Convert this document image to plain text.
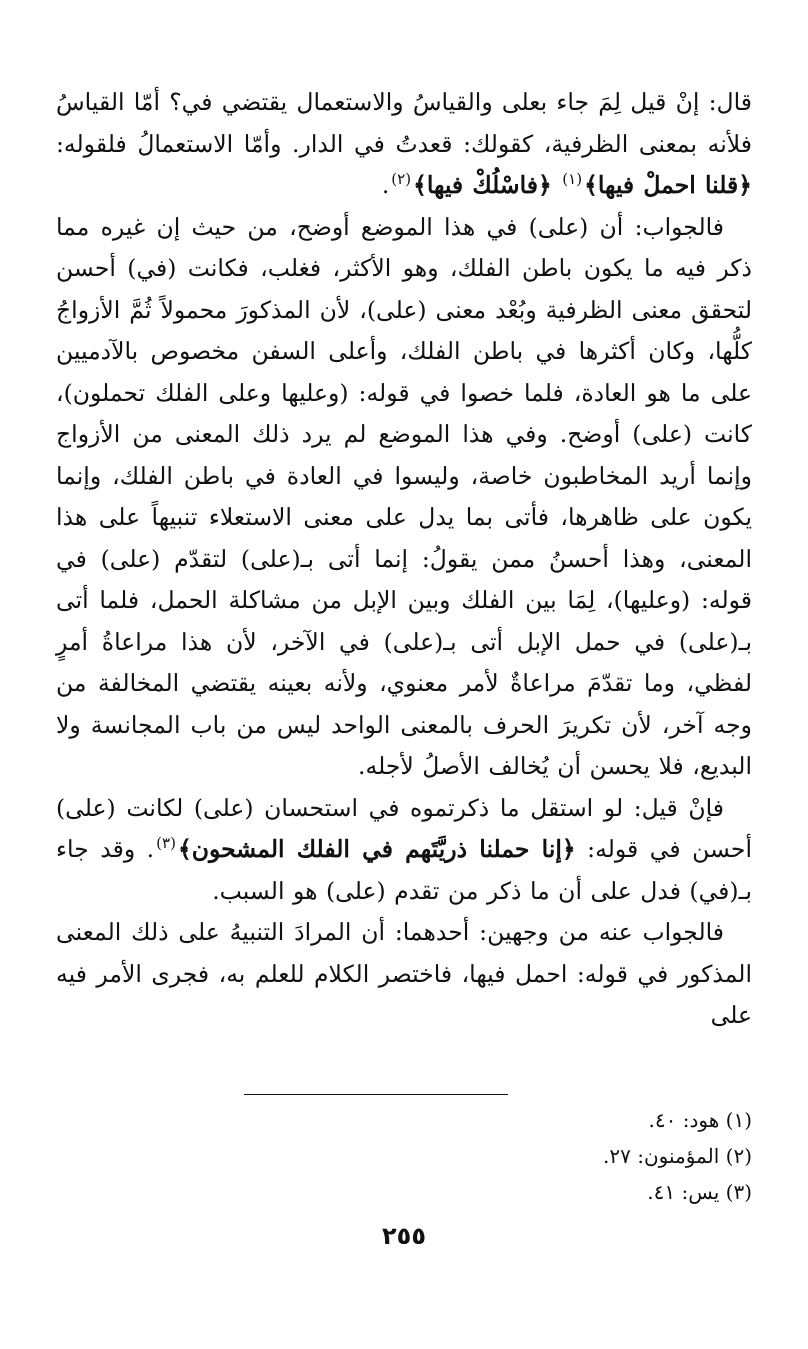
قال: إنْ قيل لِمَ جاء بعلى والقياسُ والاستعمال يقتضي في؟ أمّا القياسُ فلأنه بمعنى الظرفية، كقولك: قعدتُ في الدار. وأمّا الاستعمالُ فلقوله: ﴿قلنا احملْ فيها﴾$^{(١)}$ ﴿فاسْلُكْ فيها﴾$^{(٢)}$.

فالجواب: أن (على) في هذا الموضع أوضح، من حيث إن غيره مما ذكر فيه ما يكون باطن الفلك، وهو الأكثر، فغلب، فكانت (في) أحسن لتحقق معنى الظرفية وبُعْد معنى (على)، لأن المذكورَ محمولاً ثُمَّ الأزواجُ كلُّها، وكان أكثرها في باطن الفلك، وأعلى السفن مخصوص بالآدميين على ما هو العادة، فلما خصوا في قوله: (وعليها وعلى الفلك تحملون)، كانت (على) أوضح. وفي هذا الموضع لم يرد ذلك المعنى من الأزواج وإنما أريد المخاطبون خاصة، وليسوا في العادة في باطن الفلك، وإنما يكون على ظاهرها، فأتى بما يدل على معنى الاستعلاء تنبيهاً على هذا المعنى، وهذا أحسنُ ممن يقولُ: إنما أتى بـ(على) لتقدّم (على) في قوله: (وعليها)، لِمَا بين الفلك وبين الإبل من مشاكلة الحمل، فلما أتى بـ(على) في حمل الإبل أتى بـ(على) في الآخر، لأن هذا مراعاةُ أمرٍ لفظي، وما تقدّمَ مراعاةٌ لأمر معنوي، ولأنه بعينه يقتضي المخالفة من وجه آخر، لأن تكريرَ الحرف بالمعنى الواحد ليس من باب المجانسة ولا البديع، فلا يحسن أن يُخالف الأصلُ لأجله.

فإنْ قيل: لو استقل ما ذكرتموه في استحسان (على) لكانت (على) أحسن في قوله: ﴿إنا حملنا ذريَّتَهم في الفلك المشحون﴾$^{(٣)}$. وقد جاء بـ(في) فدل على أن ما ذكر من تقدم (على) هو السبب.

فالجواب عنه من وجهين: أحدهما: أن المرادَ التنبيهُ على ذلك المعنى المذكور في قوله: احمل فيها، فاختصر الكلام للعلم به، فجرى الأمر فيه على

(١) هود: ٤٠.

(٢) المؤمنون: ٢٧.

(٣) يس: ٤١.

٢٥٥
